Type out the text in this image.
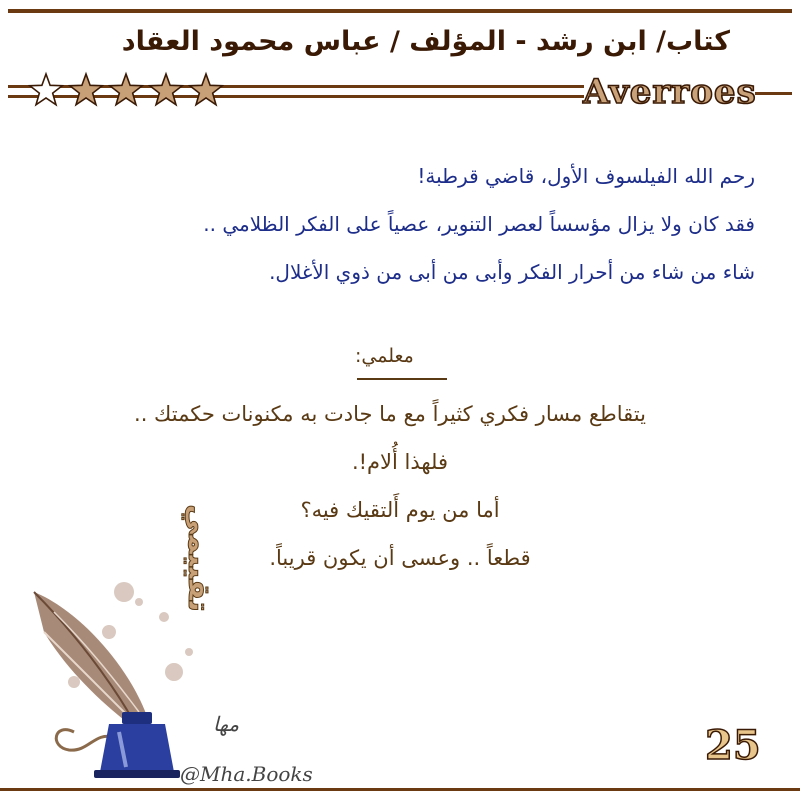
كتاب/ ابن رشد - المؤلف / عباس محمود العقاد
Averroes
رحم الله الفيلسوف الأول، قاضي قرطبة!
فقد كان ولا يزال مؤسساً لعصر التنوير، عصياً على الفكر الظلامي ..
شاء من شاء من أحرار الفكر وأبى من أبى من ذوي الأغلال.
معلمي:
يتقاطع مسار فكري كثيراً مع ما جادت به مكنونات حكمتك ..
فلهذا أُلام!.
أما من يوم أَلتقيك فيه؟
قطعاً .. وعسى أن يكون قريباً.
تقييمي
مها
@Mha.Books
25
